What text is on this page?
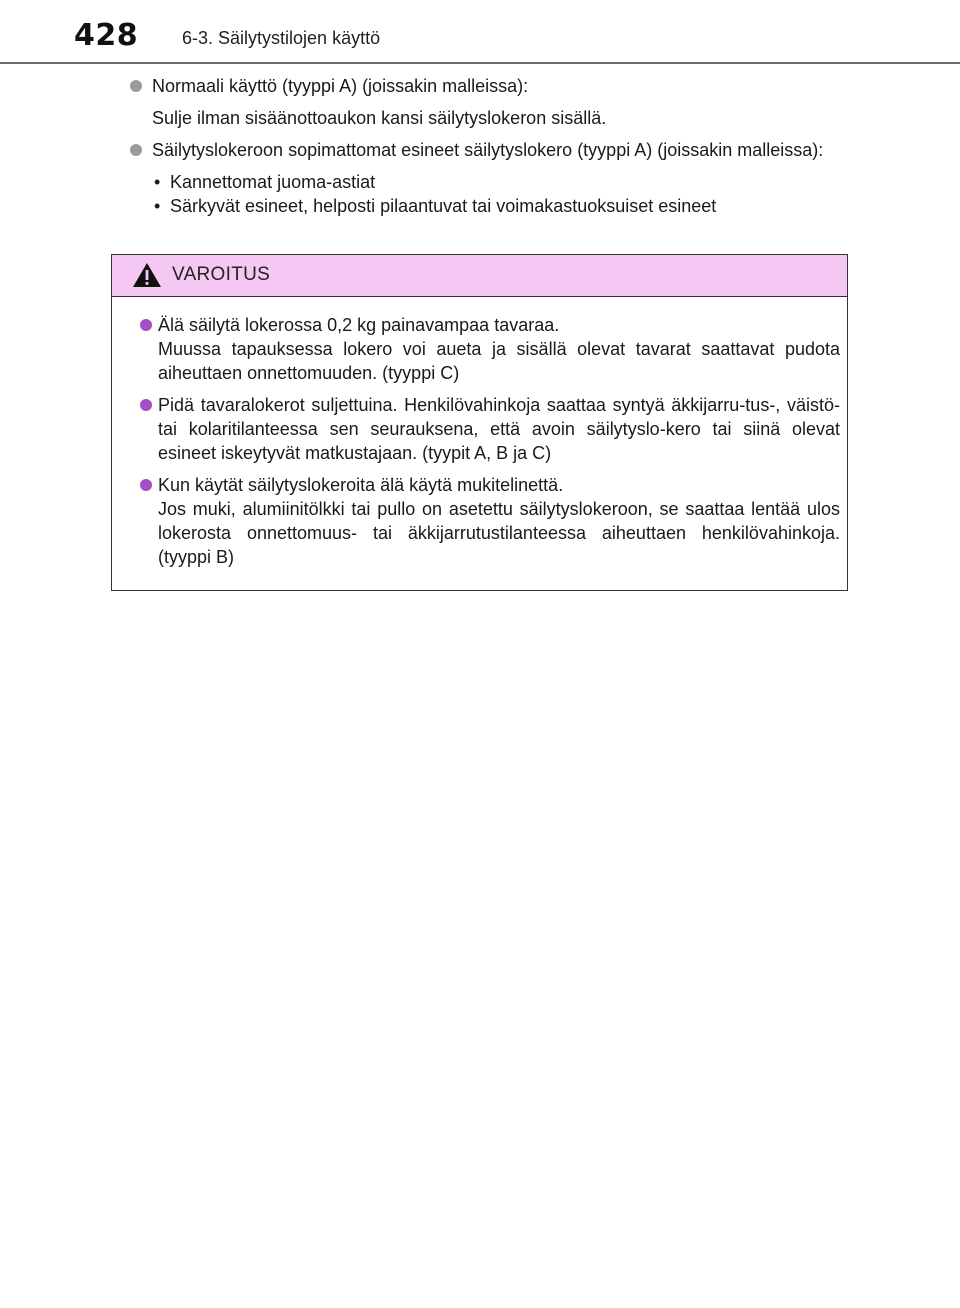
428 6-3. Säilytystilojen käyttö

Normaali käyttö (tyyppi A) (joissakin malleissa):

Sulje ilman sisäänottoaukon kansi säilytyslokeron sisällä.

Säilytyslokeroon sopimattomat esineet säilytyslokero (tyyppi A) (joissakin malleissa):

• Kannettomat juoma-astiat
• Särkyvät esineet, helposti pilaantuvat tai voimakastuoksuiset esineet
VAROITUS

Älä säilytä lokerossa 0,2 kg painavampaa tavaraa.

Muussa tapauksessa lokero voi aueta ja sisällä olevat tavarat saattavat pudota aiheuttaen onnettomuuden. (tyyppi C)

Pidä tavaralokerot suljettuina. Henkilövahinkoja saattaa syntyä äkkijarru-tus-, väistö- tai kolaritilanteessa sen seurauksena, että avoin säilytyslo-kero tai siinä olevat esineet iskeytyvät matkustajaan. (tyypit A, B ja C)

Kun käytät säilytyslokeroita älä käytä mukitelinettä.

Jos muki, alumiinitölkki tai pullo on asetettu säilytyslokeroon, se saattaa lentää ulos lokerosta onnettomuus- tai äkkijarrutustilanteessa aiheuttaen henkilövahinkoja. (tyyppi B)
